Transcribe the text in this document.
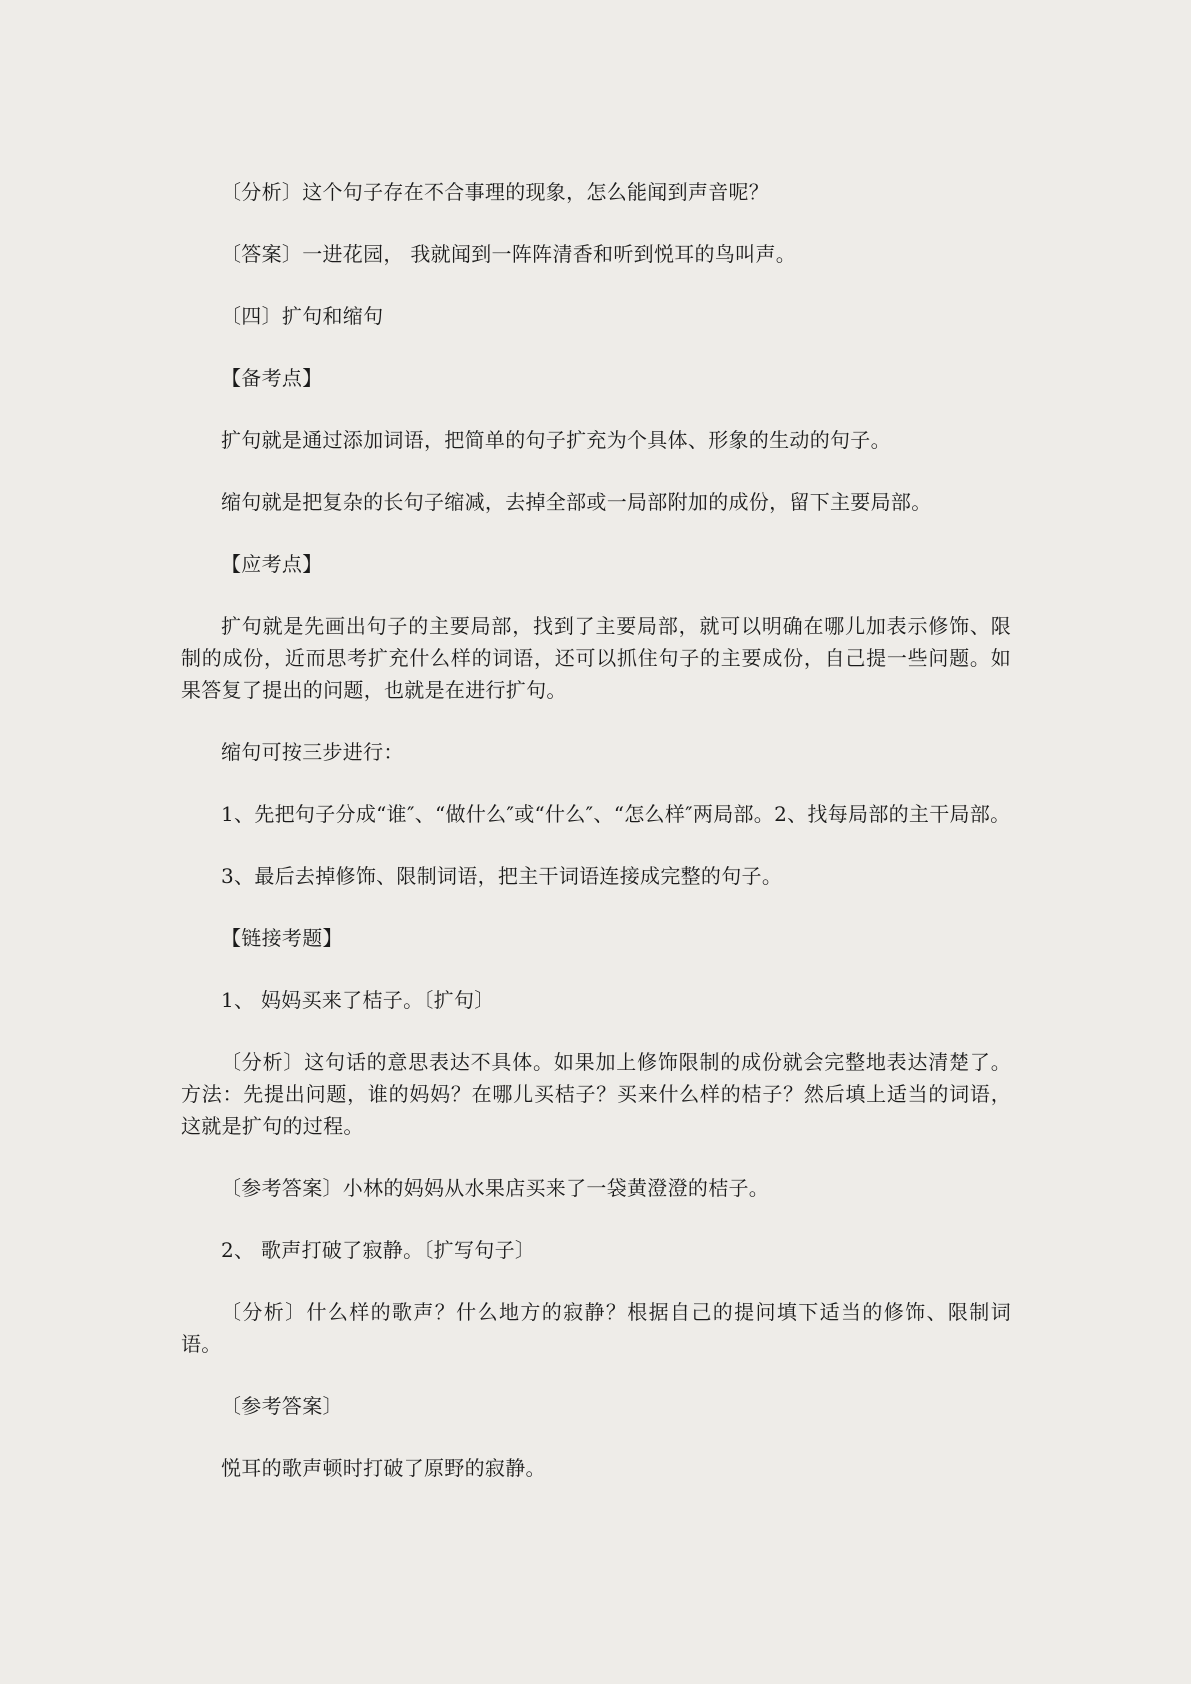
〔分析〕这个句子存在不合事理的现象，怎么能闻到声音呢？

〔答案〕一进花园， 我就闻到一阵阵清香和听到悦耳的鸟叫声。

〔四〕扩句和缩句

【备考点】

扩句就是通过添加词语，把简单的句子扩充为个具体、形象的生动的句子。

缩句就是把复杂的长句子缩减，去掉全部或一局部附加的成份，留下主要局部。

【应考点】

扩句就是先画出句子的主要局部，找到了主要局部，就可以明确在哪儿加表示修饰、限制的成份，近而思考扩充什么样的词语，还可以抓住句子的主要成份，自己提一些问题。如果答复了提出的问题，也就是在进行扩句。

缩句可按三步进行：

1、先把句子分成“谁″、“做什么″或“什么″、“怎么样″两局部。2、找每局部的主干局部。

3、最后去掉修饰、限制词语，把主干词语连接成完整的句子。

【链接考题】

1、 妈妈买来了桔子。〔扩句〕

〔分析〕这句话的意思表达不具体。如果加上修饰限制的成份就会完整地表达清楚了。 方法：先提出问题，谁的妈妈？在哪儿买桔子？买来什么样的桔子？然后填上适当的词语，这就是扩句的过程。

〔参考答案〕小林的妈妈从水果店买来了一袋黄澄澄的桔子。

2、 歌声打破了寂静。〔扩写句子〕

〔分析〕什么样的歌声？什么地方的寂静？根据自己的提问填下适当的修饰、限制词语。

〔参考答案〕

悦耳的歌声顿时打破了原野的寂静。
